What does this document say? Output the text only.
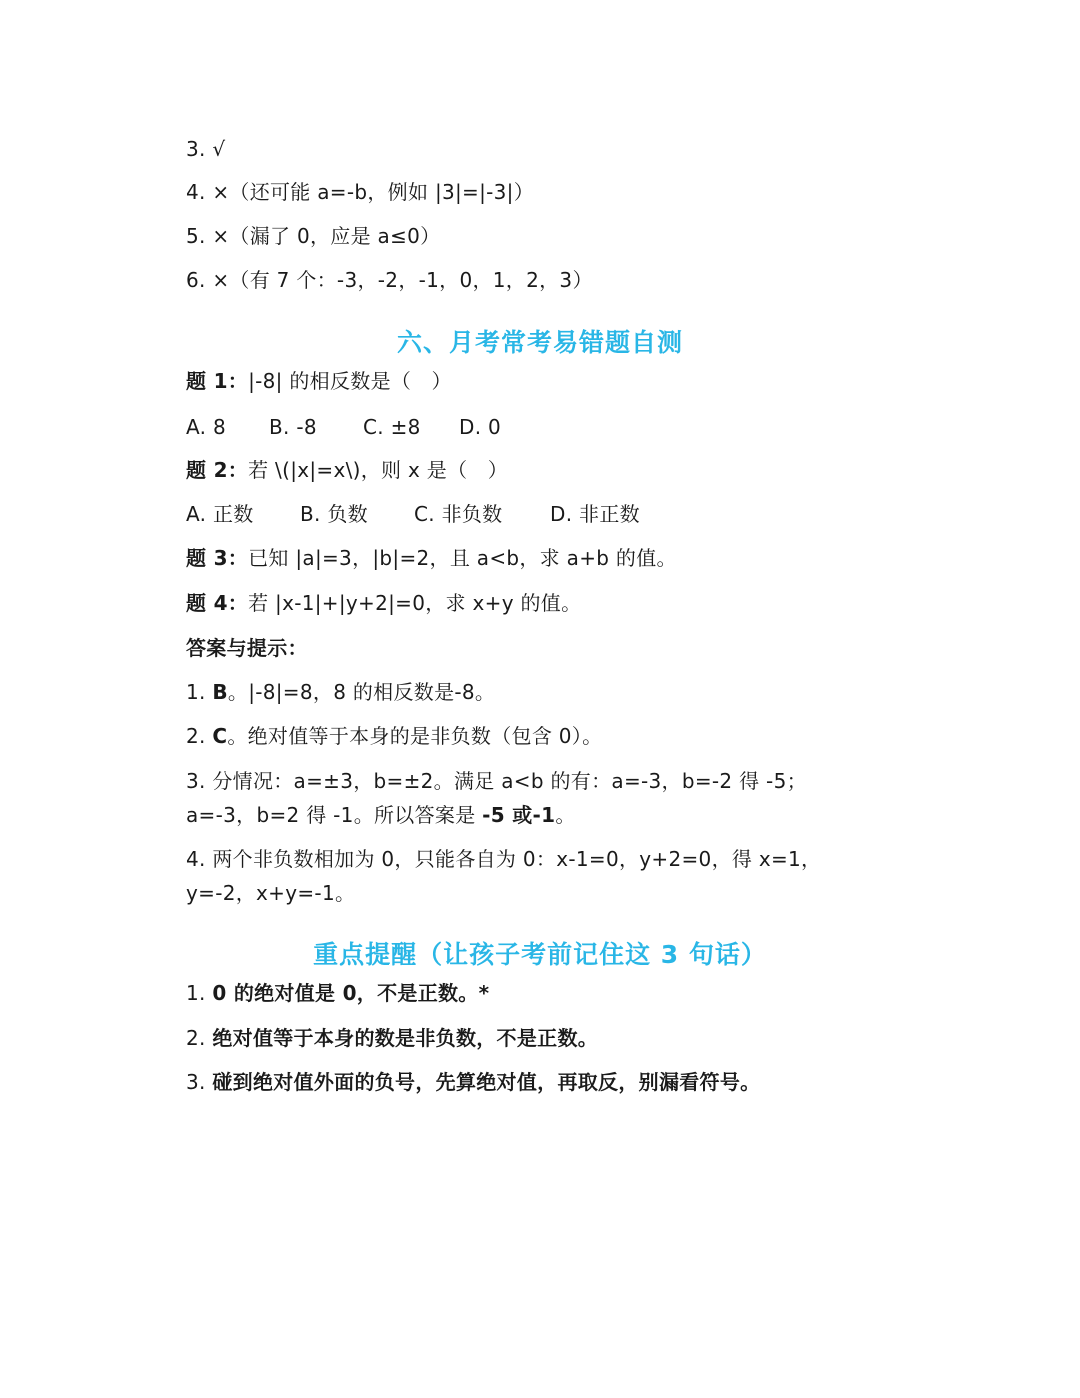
3. √
4. ×（还可能 a=-b，例如 |3|=|-3|）
5. ×（漏了 0，应是 a≤0）
6. ×（有 7 个：-3，-2，-1，0，1，2，3）
六、月考常考易错题自测
题 1：|-8| 的相反数是（　）
A. 8 B. -8 C. ±8 D. 0
题 2：若 \(|x|=x\)，则 x 是（　）
A. 正数 B. 负数 C. 非负数 D. 非正数
题 3：已知 |a|=3，|b|=2，且 a<b，求 a+b 的值。
题 4：若 |x-1|+|y+2|=0，求 x+y 的值。
答案与提示：
1. B。|-8|=8，8 的相反数是-8。
2. C。绝对值等于本身的是非负数（包含 0）。
3. 分情况：a=±3，b=±2。满足 a<b 的有：a=-3，b=-2 得 -5；a=-3，b=2 得 -1。所以答案是 -5 或-1。
4. 两个非负数相加为 0，只能各自为 0：x-1=0，y+2=0，得 x=1，y=-2，x+y=-1。
重点提醒（让孩子考前记住这 3 句话）
1. 0 的绝对值是 0，不是正数。*
2. 绝对值等于本身的数是非负数，不是正数。
3. 碰到绝对值外面的负号，先算绝对值，再取反，别漏看符号。
